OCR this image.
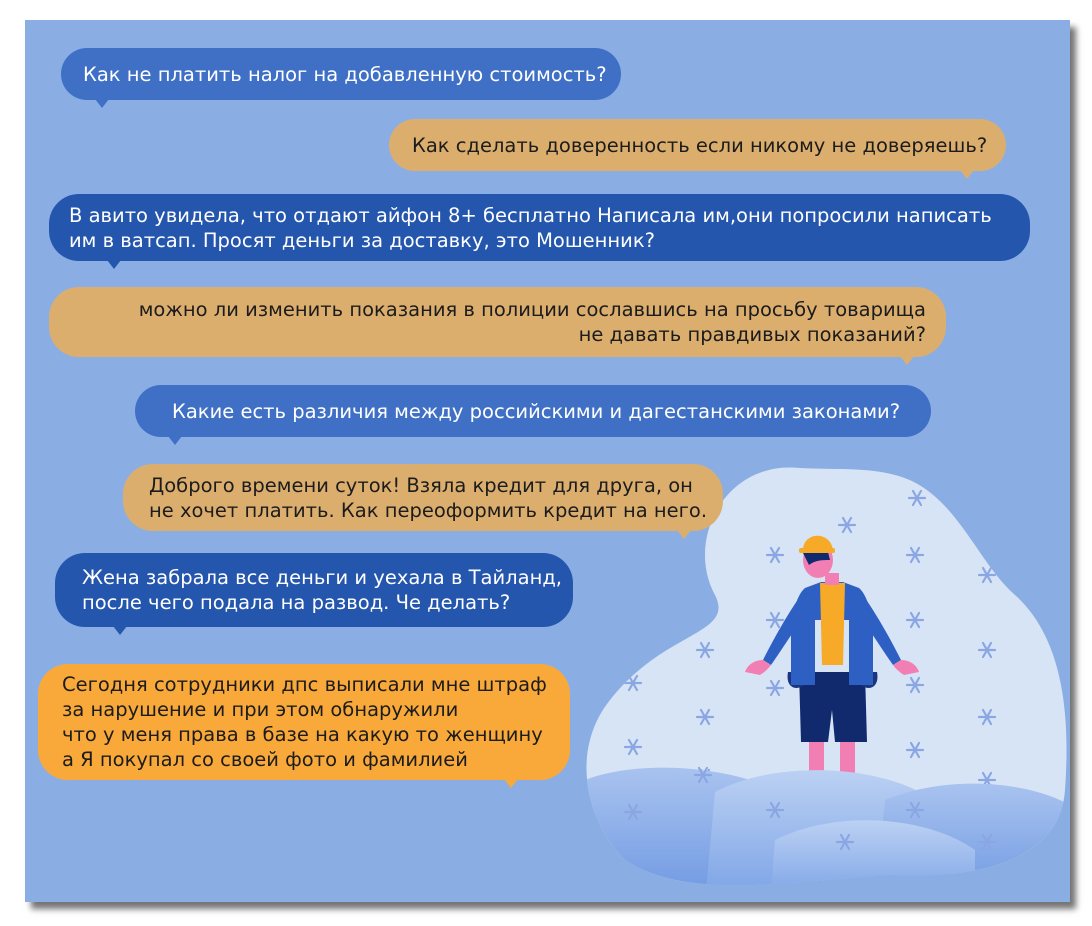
Как не платить налог на добавленную стоимость?
Как сделать доверенность если никому не доверяешь?
В авито увидела, что отдают айфон 8+ бесплатно Написала им,они попросили написать
им в ватсап. Просят деньги за доставку, это Мошенник?
можно ли изменить показания в полиции сославшись на просьбу товарища
не давать правдивых показаний?
Какие есть различия между российскими и дагестанскими законами?
Доброго времени суток! Взяла кредит для друга, он
не хочет платить. Как переоформить кредит на него.
Жена забрала все деньги и уехала в Тайланд,
после чего подала на развод. Че делать?
Сегодня сотрудники дпс выписали мне штраф
за нарушение и при этом обнаружили
что у меня права в базе на какую то женщину
а Я покупал со своей фото и фамилией
